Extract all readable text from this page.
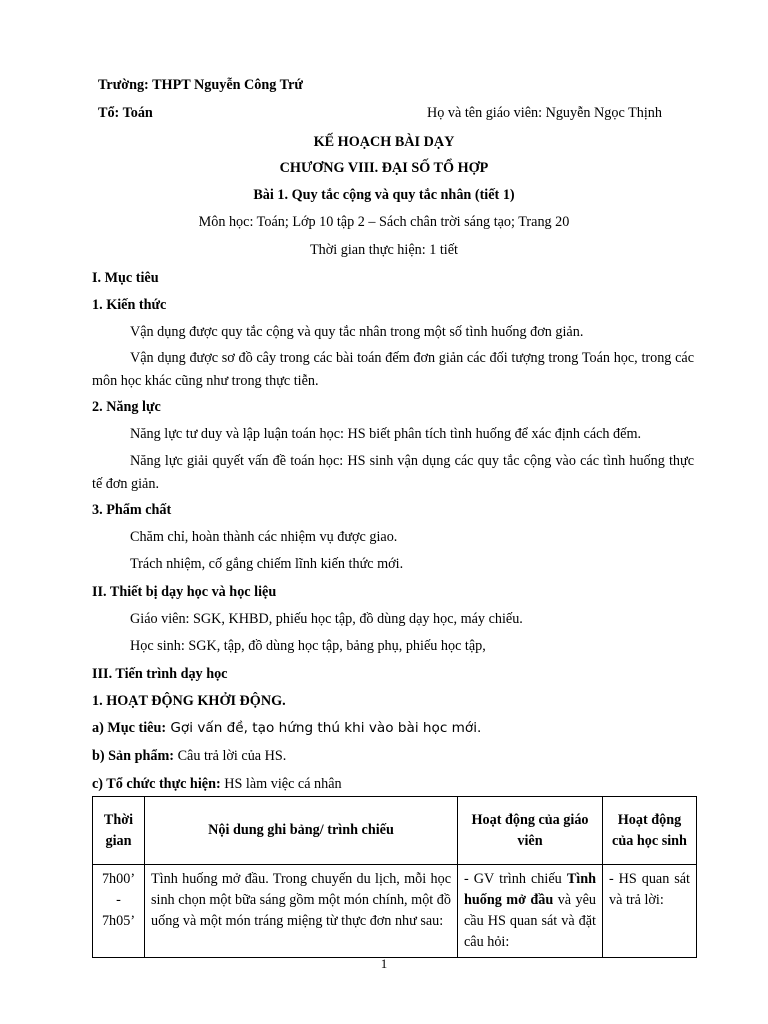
Trường: THPT Nguyễn Công Trứ
Tổ: Toán	Họ và tên giáo viên: Nguyễn Ngọc Thịnh
KẾ HOẠCH BÀI DẠY
CHƯƠNG VIII. ĐẠI SỐ TỔ HỢP
Bài 1. Quy tắc cộng và quy tắc nhân (tiết 1)
Môn học: Toán; Lớp 10 tập 2 – Sách chân trời sáng tạo; Trang 20
Thời gian thực hiện: 1 tiết
I. Mục tiêu
1. Kiến thức
Vận dụng được quy tắc cộng và quy tắc nhân trong một số tình huống đơn giản.
Vận dụng được sơ đồ cây trong các bài toán đếm đơn giản các đối tượng trong Toán học, trong các môn học khác cũng như trong thực tiễn.
2. Năng lực
Năng lực tư duy và lập luận toán học: HS biết phân tích tình huống để xác định cách đếm.
Năng lực giải quyết vấn đề toán học: HS sinh vận dụng các quy tắc cộng vào các tình huống thực tế đơn giản.
3. Phẩm chất
Chăm chỉ, hoàn thành các nhiệm vụ được giao.
Trách nhiệm, cố gắng chiếm lĩnh kiến thức mới.
II. Thiết bị dạy học và học liệu
Giáo viên: SGK, KHBD, phiếu học tập, đồ dùng dạy học, máy chiếu.
Học sinh: SGK, tập, đồ dùng học tập, bảng phụ, phiếu học tập,
III. Tiến trình dạy học
1. HOẠT ĐỘNG KHỞI ĐỘNG.
a) Mục tiêu: Gợi vấn đề, tạo hứng thú khi vào bài học mới.
b) Sản phẩm: Câu trả lời của HS.
c) Tổ chức thực hiện: HS làm việc cá nhân
Thời gian	Nội dung ghi bảng/ trình chiếu	Hoạt động của giáo viên	Hoạt động của học sinh
7h00’ - 7h05’	Tình huống mở đầu. Trong chuyến du lịch, mỗi học sinh chọn một bữa sáng gồm một món chính, một đồ uống và một món tráng miệng từ thực đơn như sau:	- GV trình chiếu Tình huống mở đầu và yêu cầu HS quan sát và đặt câu hỏi:	- HS quan sát và trả lời:
1
